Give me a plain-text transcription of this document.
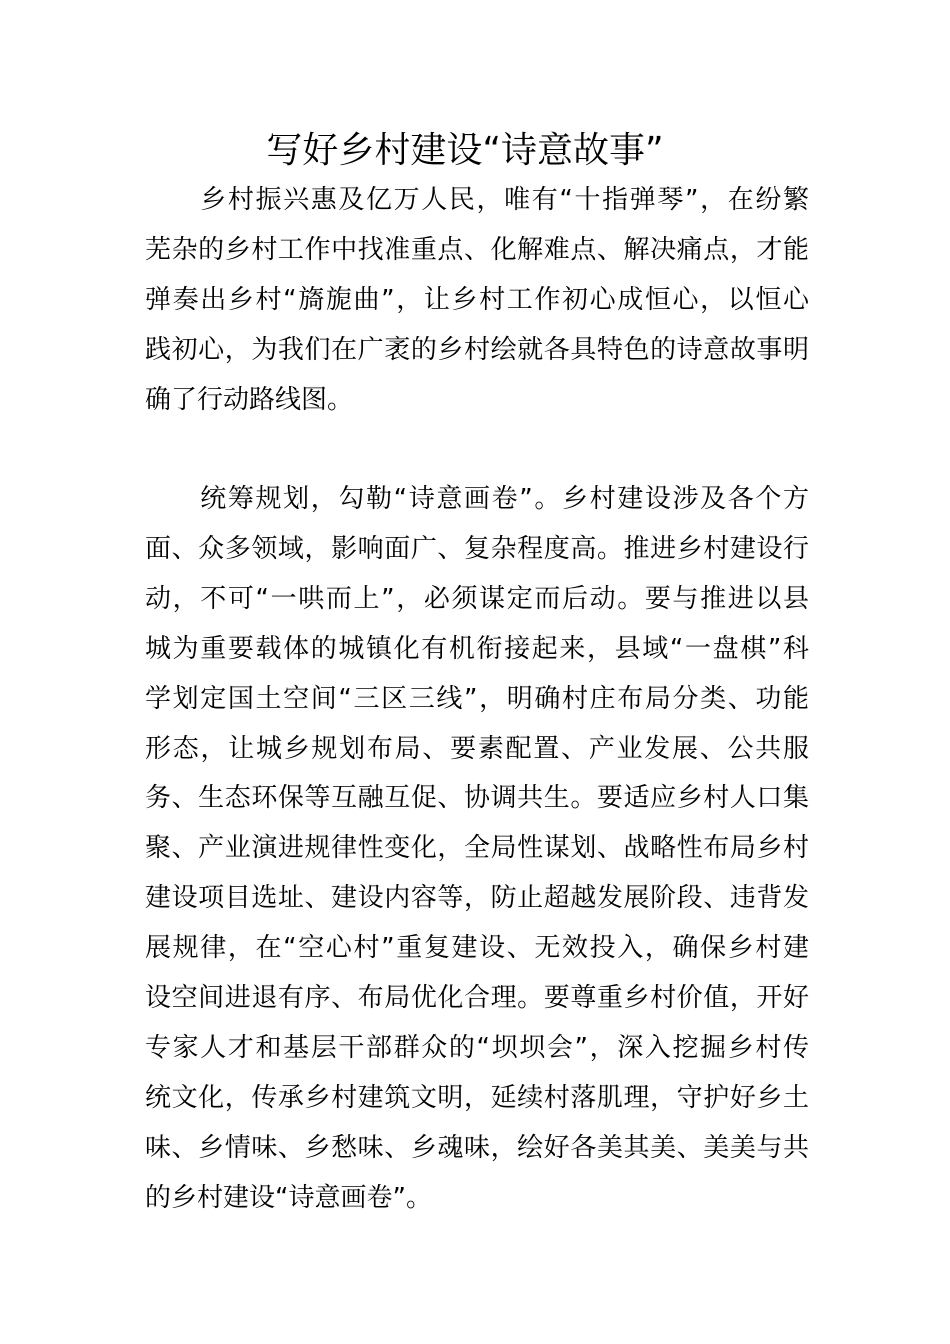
写好乡村建设“诗意故事”
　　乡村振兴惠及亿万人民，唯有“十指弹琴”，在纷繁
芜杂的乡村工作中找准重点、化解难点、解决痛点，才能
弹奏出乡村“旖旎曲”，让乡村工作初心成恒心，以恒心
践初心，为我们在广袤的乡村绘就各具特色的诗意故事明
确了行动路线图。
　　统筹规划，勾勒“诗意画卷”。乡村建设涉及各个方
面、众多领域，影响面广、复杂程度高。推进乡村建设行
动，不可“一哄而上”，必须谋定而后动。要与推进以县
城为重要载体的城镇化有机衔接起来，县域“一盘棋”科
学划定国土空间“三区三线”，明确村庄布局分类、功能
形态，让城乡规划布局、要素配置、产业发展、公共服
务、生态环保等互融互促、协调共生。要适应乡村人口集
聚、产业演进规律性变化，全局性谋划、战略性布局乡村
建设项目选址、建设内容等，防止超越发展阶段、违背发
展规律，在“空心村”重复建设、无效投入，确保乡村建
设空间进退有序、布局优化合理。要尊重乡村价值，开好
专家人才和基层干部群众的“坝坝会”，深入挖掘乡村传
统文化，传承乡村建筑文明，延续村落肌理，守护好乡土
味、乡情味、乡愁味、乡魂味，绘好各美其美、美美与共
的乡村建设“诗意画卷”。
